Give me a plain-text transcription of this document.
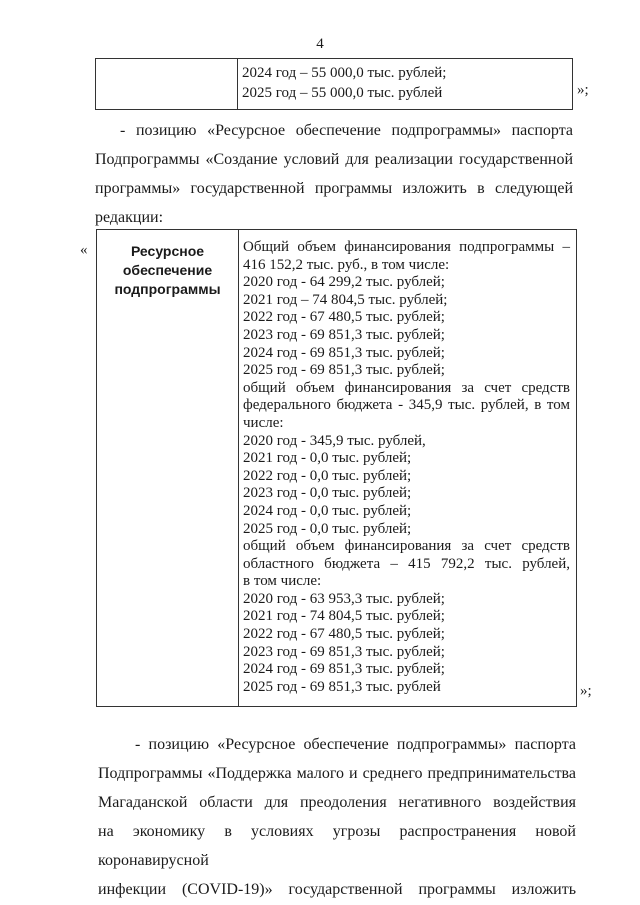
4
2024 год – 55 000,0 тыс. рублей;
2025 год – 55 000,0 тыс. рублей	»;
- позицию «Ресурсное обеспечение подпрограммы» паспорта
Подпрограммы «Создание условий для реализации государственной
программы» государственной программы изложить в следующей
редакции:
«	Ресурсное
обеспечение
подпрограммы
Общий объем финансирования подпрограммы –
416 152,2 тыс. руб., в том числе:
2020 год - 64 299,2 тыс. рублей;
2021 год – 74 804,5 тыс. рублей;
2022 год - 67 480,5 тыс. рублей;
2023 год - 69 851,3 тыс. рублей;
2024 год - 69 851,3 тыс. рублей;
2025 год - 69 851,3 тыс. рублей;
общий объем финансирования за счет средств
федерального бюджета - 345,9 тыс. рублей, в том
числе:
2020 год - 345,9 тыс. рублей,
2021 год - 0,0 тыс. рублей;
2022 год - 0,0 тыс. рублей;
2023 год - 0,0 тыс. рублей;
2024 год - 0,0 тыс. рублей;
2025 год - 0,0 тыс. рублей;
общий объем финансирования за счет средств
областного бюджета – 415 792,2 тыс. рублей,
в том числе:
2020 год - 63 953,3 тыс. рублей;
2021 год - 74 804,5 тыс. рублей;
2022 год - 67 480,5 тыс. рублей;
2023 год - 69 851,3 тыс. рублей;
2024 год - 69 851,3 тыс. рублей;
2025 год - 69 851,3 тыс. рублей	»;
- позицию «Ресурсное обеспечение подпрограммы» паспорта
Подпрограммы «Поддержка малого и среднего предпринимательства
Магаданской области для преодоления негативного воздействия
на экономику в условиях угрозы распространения новой коронавирусной
инфекции (COVID-19)» государственной программы изложить
